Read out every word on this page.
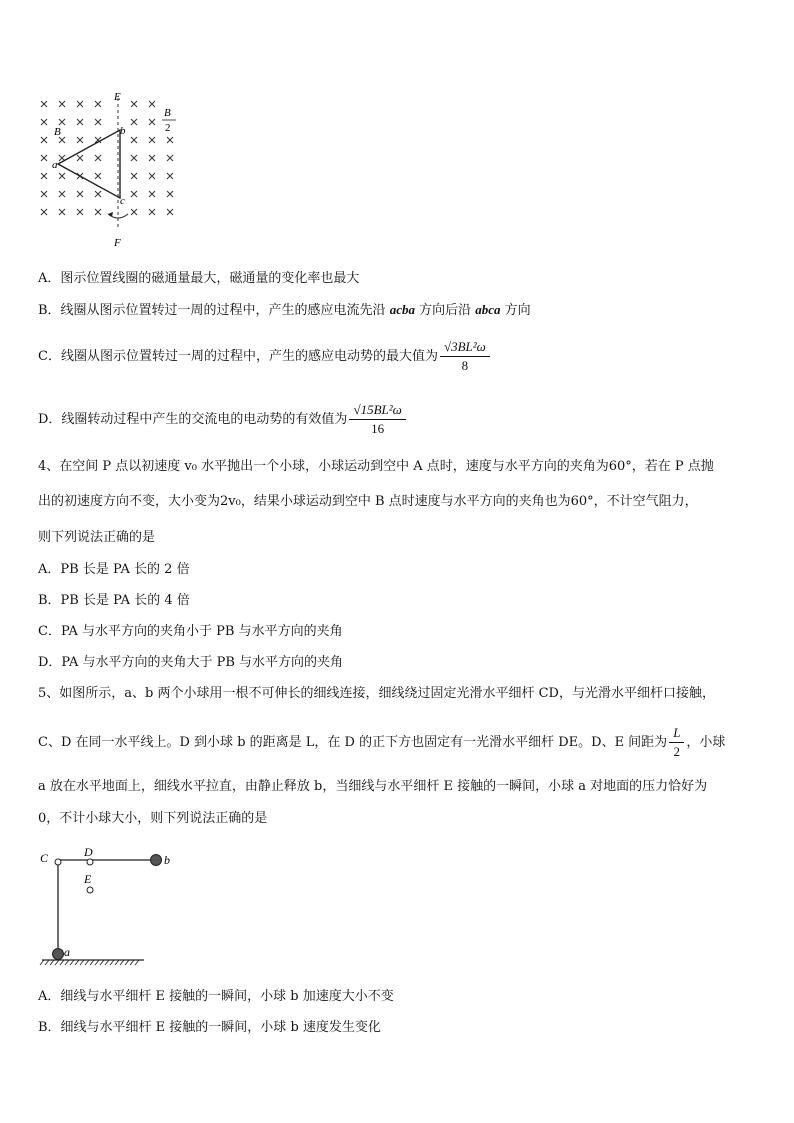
E
F
B
B
2
a
b
c
A．图示位置线圈的磁通量最大，磁通量的变化率也最大
B．线圈从图示位置转过一周的过程中，产生的感应电流先沿 acba 方向后沿 abca 方向
C．线圈从图示位置转过一周的过程中，产生的感应电动势的最大值为 $\frac{\text{√3BL²ω}}{8}$
D．线圈转动过程中产生的交流电的电动势的有效值为 $\frac{\text{√15BL²ω}}{16}$
4、在空间 P 点以初速度 v₀ 水平抛出一个小球，小球运动到空中 A 点时，速度与水平方向的夹角为60°，若在 P 点抛
出的初速度方向不变，大小变为2v₀，结果小球运动到空中 B 点时速度与水平方向的夹角也为60°，不计空气阻力，
则下列说法正确的是
A．PB 长是 PA 长的 2 倍
B．PB 长是 PA 长的 4 倍
C．PA 与水平方向的夹角小于 PB 与水平方向的夹角
D．PA 与水平方向的夹角大于 PB 与水平方向的夹角
5、如图所示，a、b 两个小球用一根不可伸长的细线连接，细线绕过固定光滑水平细杆 CD，与光滑水平细杆口接触，
C、D 在同一水平线上。D 到小球 b 的距离是 L，在 D 的正下方也固定有一光滑水平细杆 DE。D、E 间距为 $\frac{L}{2}$ ，小球
a 放在水平地面上，细线水平拉直，由静止释放 b，当细线与水平细杆 E 接触的一瞬间，小球 a 对地面的压力恰好为
0，不计小球大小，则下列说法正确的是
C	D
E
b
a
A．细线与水平细杆 E 接触的一瞬间，小球 b 加速度大小不变
B．细线与水平细杆 E 接触的一瞬间，小球 b 速度发生变化
